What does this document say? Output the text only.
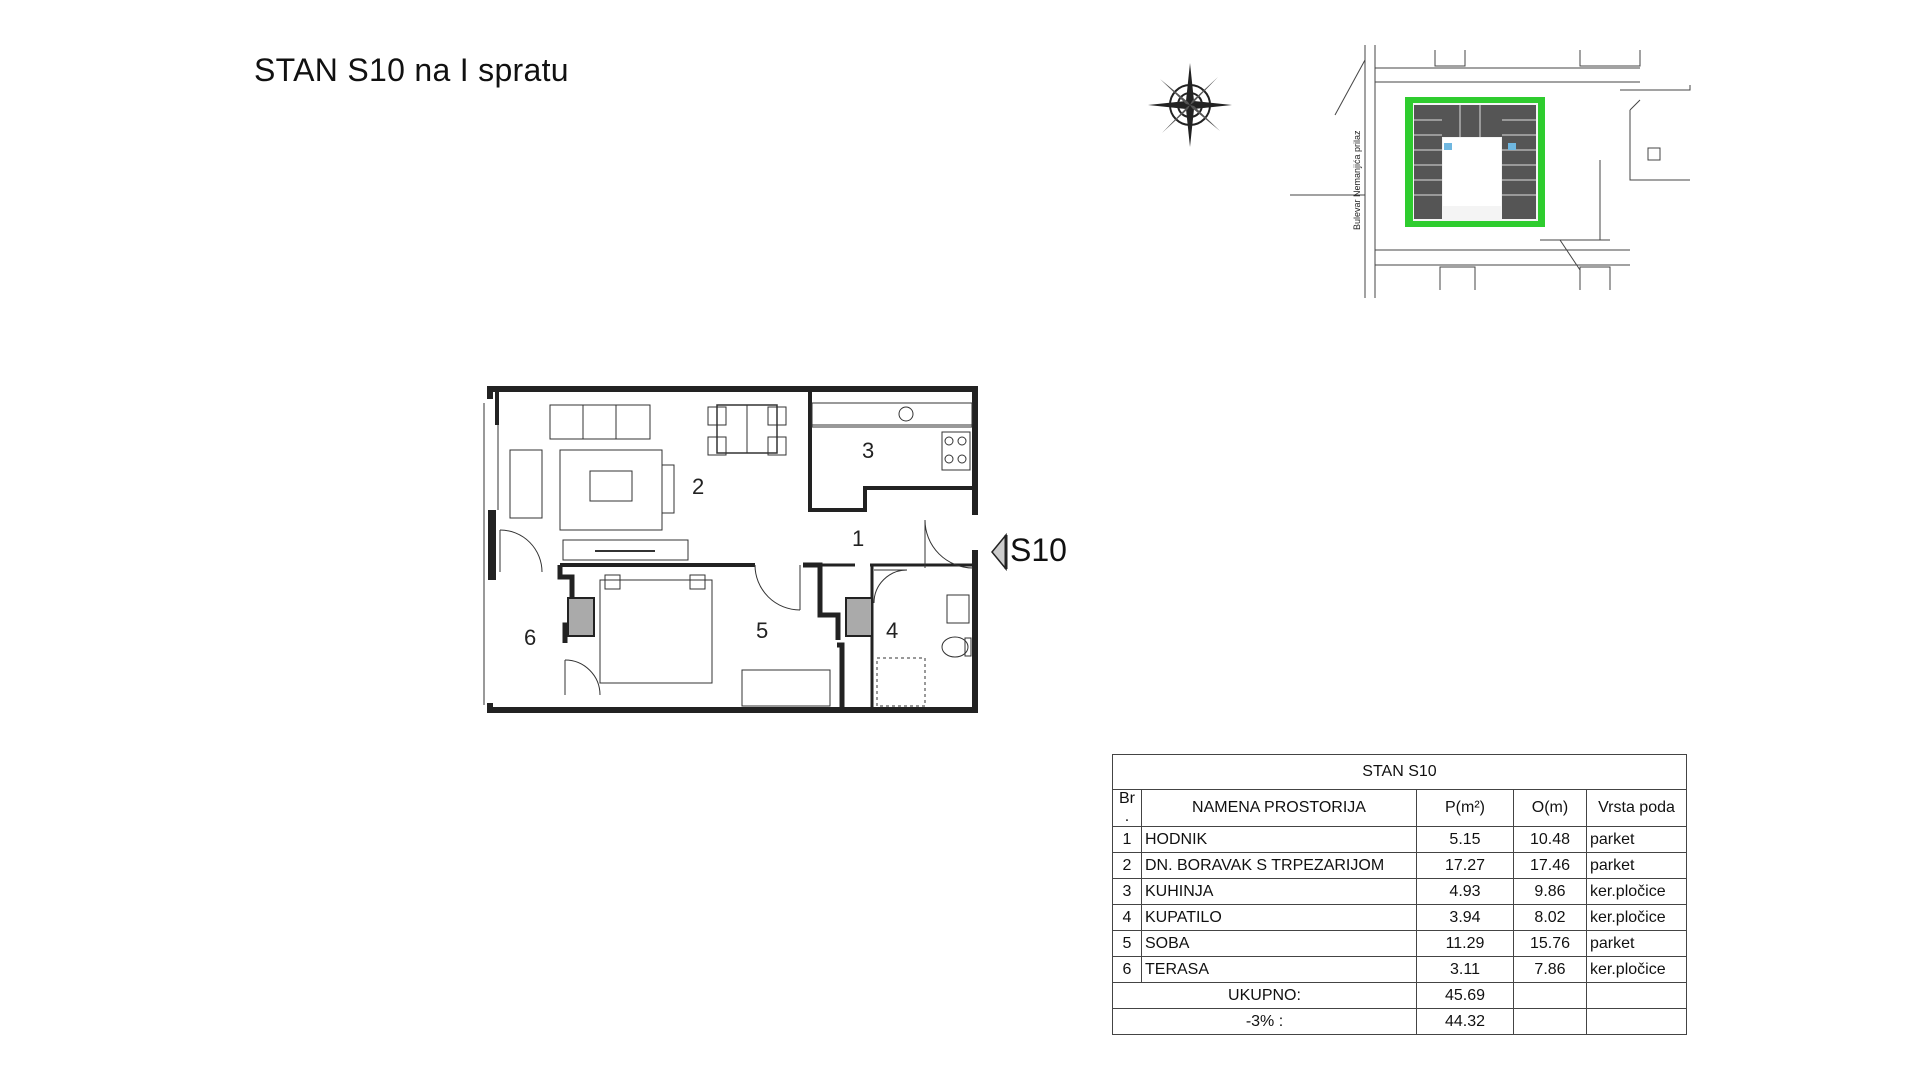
STAN S10 na I spratu
Bulevar Nemanjića prilaz
2
3
1
4
5
6
S10
STAN S10				
Br .	NAMENA PROSTORIJA	P(m²)	O(m)	Vrsta poda
1	HODNIK	5.15	10.48	parket
2	DN. BORAVAK S TRPEZARIJOM	17.27	17.46	parket
3	KUHINJA	4.93	9.86	ker.pločice
4	KUPATILO	3.94	8.02	ker.pločice
5	SOBA	11.29	15.76	parket
6	TERASA	3.11	7.86	ker.pločice
UKUPNO:		45.69		
-3% :		44.32		
